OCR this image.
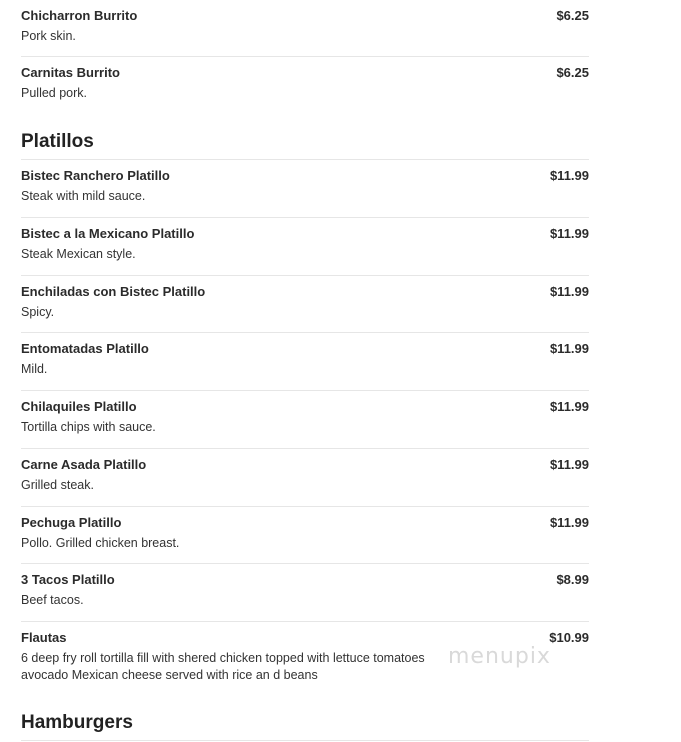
Chicharron Burrito	$6.25
Pork skin.
Carnitas Burrito	$6.25
Pulled pork.
Platillos
Bistec Ranchero Platillo	$11.99
Steak with mild sauce.
Bistec a la Mexicano Platillo	$11.99
Steak Mexican style.
Enchiladas con Bistec Platillo	$11.99
Spicy.
Entomatadas Platillo	$11.99
Mild.
Chilaquiles Platillo	$11.99
Tortilla chips with sauce.
Carne Asada Platillo	$11.99
Grilled steak.
Pechuga Platillo	$11.99
Pollo. Grilled chicken breast.
3 Tacos Platillo	$8.99
Beef tacos.
Flautas	$10.99
6 deep fry roll tortilla fill with shered chicken topped with lettuce tomatoes avocado Mexican cheese served with rice an d beans
Hamburgers
menupix
